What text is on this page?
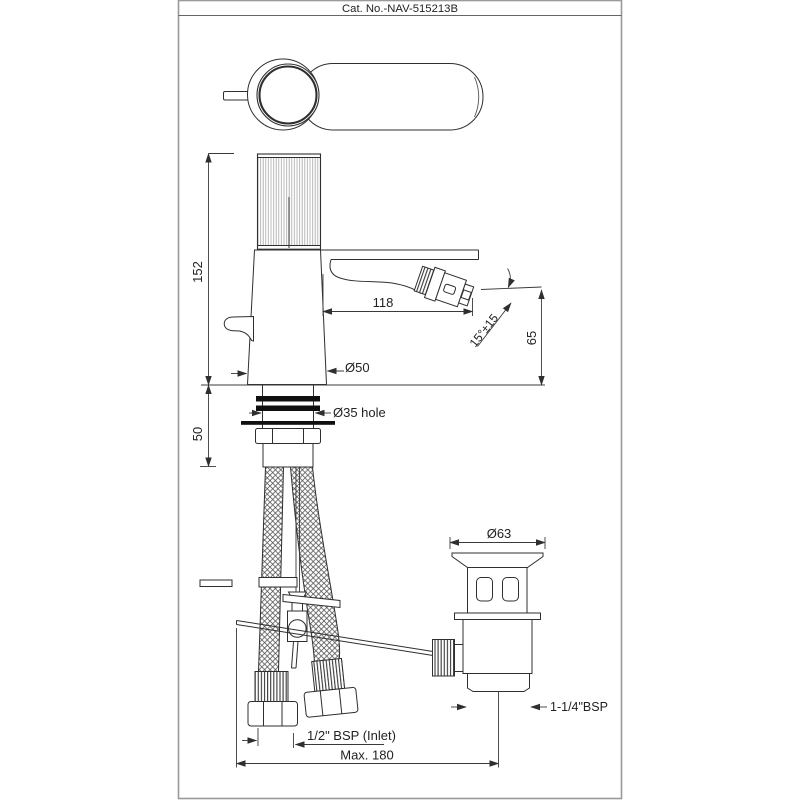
Cat. No.-NAV-515213B
152
50
118
Ø50
15°±15 65
Ø35 hole
Ø63
1-1/4"BSP
1/2" BSP (Inlet)
Max. 180
